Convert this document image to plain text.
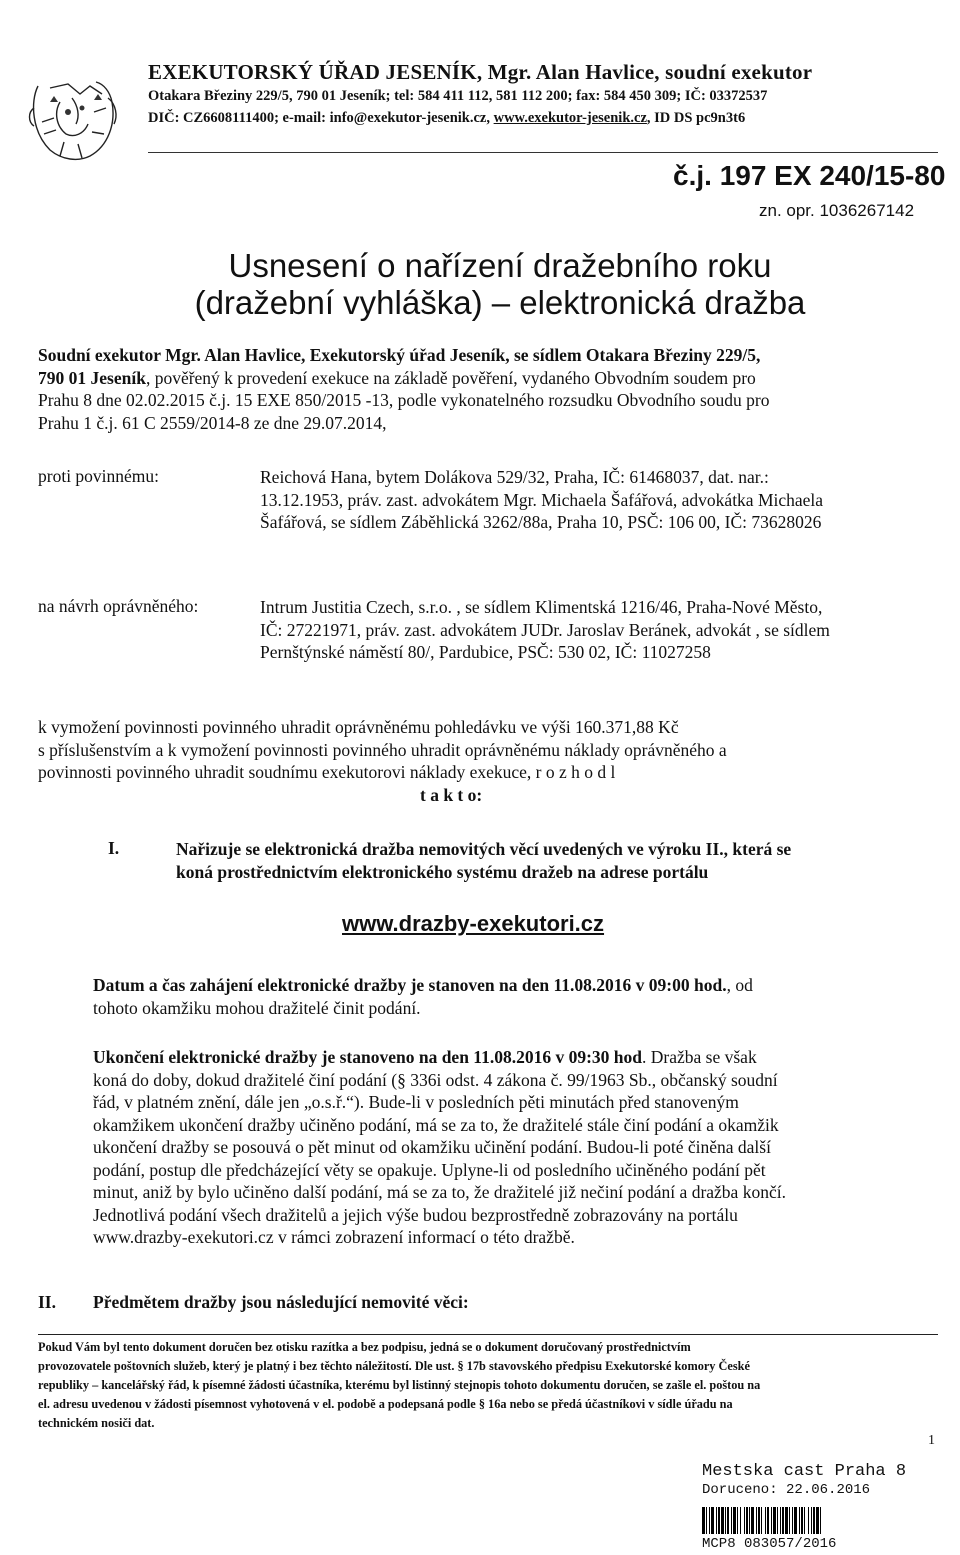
EXEKUTORSKÝ ÚŘAD JESENÍK, Mgr. Alan Havlice, soudní exekutor
Otakara Březiny 229/5, 790 01 Jeseník; tel: 584 411 112, 581 112 200; fax: 584 450 309; IČ: 03372537
DIČ: CZ6608111400; e-mail: info@exekutor-jesenik.cz, www.exekutor-jesenik.cz, ID DS pc9n3t6
č.j. 197 EX 240/15-80
zn. opr. 1036267142
Usnesení o nařízení dražebního roku
(dražební vyhláška) – elektronická dražba
Soudní exekutor Mgr. Alan Havlice, Exekutorský úřad Jeseník, se sídlem Otakara Březiny 229/5,
790 01 Jeseník, pověřený k provedení exekuce na základě pověření, vydaného Obvodním soudem pro
Prahu 8 dne 02.02.2015 č.j. 15 EXE 850/2015 -13, podle vykonatelného rozsudku Obvodního soudu pro
Prahu 1 č.j. 61 C 2559/2014-8 ze dne 29.07.2014,
proti povinnému:	Reichová Hana, bytem Dolákova 529/32, Praha, IČ: 61468037, dat. nar.:
13.12.1953, práv. zast. advokátem Mgr. Michaela Šafářová, advokátka Michaela
Šafářová, se sídlem Záběhlická 3262/88a, Praha 10, PSČ: 106 00, IČ: 73628026
na návrh oprávněného:	Intrum Justitia Czech, s.r.o. , se sídlem Klimentská 1216/46, Praha-Nové Město,
IČ: 27221971, práv. zast. advokátem JUDr. Jaroslav Beránek, advokát , se sídlem
Pernštýnské náměstí 80/, Pardubice, PSČ: 530 02, IČ: 11027258
k vymožení povinnosti povinného uhradit oprávněnému pohledávku ve výši 160.371,88 Kč
s příslušenstvím a k vymožení povinnosti povinného uhradit oprávněnému náklady oprávněného a
povinnosti povinného uhradit soudnímu exekutorovi náklady exekuce, r o z h o d l
t a k t o:
I.	Nařizuje se elektronická dražba nemovitých věcí uvedených ve výroku II., která se
koná prostřednictvím elektronického systému dražeb na adrese portálu
www.drazby-exekutori.cz
Datum a čas zahájení elektronické dražby je stanoven na den 11.08.2016 v 09:00 hod., od
tohoto okamžiku mohou dražitelé činit podání.
Ukončení elektronické dražby je stanoveno na den 11.08.2016 v 09:30 hod. Dražba se však
koná do doby, dokud dražitelé činí podání (§ 336i odst. 4 zákona č. 99/1963 Sb., občanský soudní
řád, v platném znění, dále jen „o.s.ř.“). Bude-li v posledních pěti minutách před stanoveným
okamžikem ukončení dražby učiněno podání, má se za to, že dražitelé stále činí podání a okamžik
ukončení dražby se posouvá o pět minut od okamžiku učinění podání. Budou-li poté činěna další
podání, postup dle předcházející věty se opakuje. Uplyne-li od posledního učiněného podání pět
minut, aniž by bylo učiněno další podání, má se za to, že dražitelé již nečiní podání a dražba končí.
Jednotlivá podání všech dražitelů a jejich výše budou bezprostředně zobrazovány na portálu
www.drazby-exekutori.cz v rámci zobrazení informací o této dražbě.
II. Předmětem dražby jsou následující nemovité věci:
Pokud Vám byl tento dokument doručen bez otisku razítka a bez podpisu, jedná se o dokument doručovaný prostřednictvím
provozovatele poštovních služeb, který je platný i bez těchto náležitostí. Dle ust. § 17b stavovského předpisu Exekutorské komory České
republiky – kancelářský řád, k písemné žádosti účastníka, kterému byl listinný stejnopis tohoto dokumentu doručen, se zašle el. poštou na
el. adresu uvedenou v žádosti písemnost vyhotovená v el. podobě a podepsaná podle § 16a nebo se předá účastníkovi v sídle úřadu na
technickém nosiči dat.
1
Mestska cast Praha 8
Doruceno: 22.06.2016
MCP8 083057/2016
